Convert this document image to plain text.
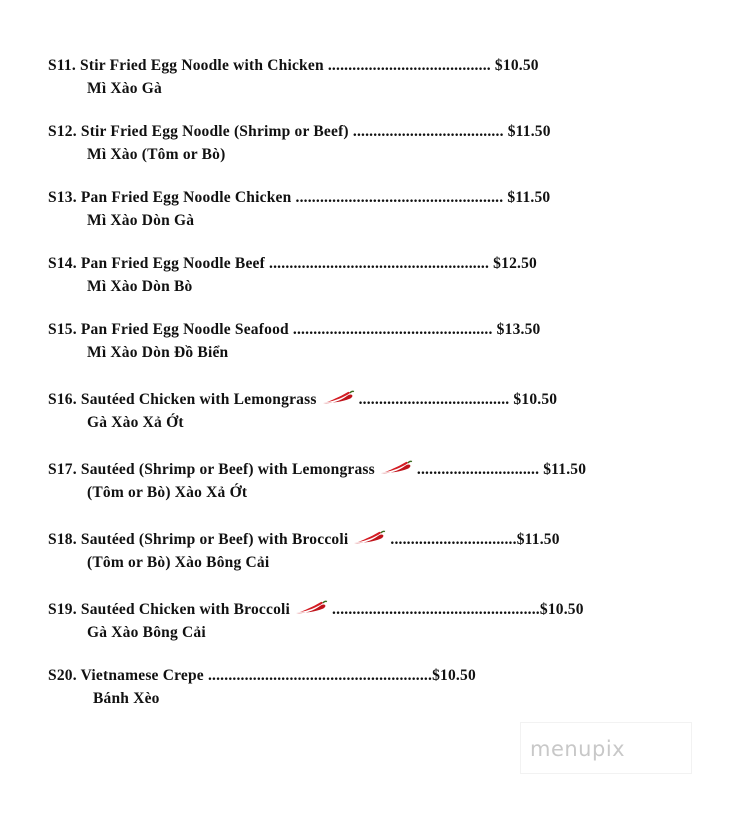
S11. Stir Fried Egg Noodle with Chicken ........................................ $10.50
Mì Xào Gà
S12. Stir Fried Egg Noodle (Shrimp or Beef) ..................................... $11.50
Mì Xào (Tôm or Bò)
S13. Pan Fried Egg Noodle Chicken ................................................... $11.50
Mì Xào Dòn Gà
S14. Pan Fried Egg Noodle Beef ...................................................... $12.50
Mì Xào Dòn Bò
S15. Pan Fried Egg Noodle Seafood ................................................. $13.50
Mì Xào Dòn Đồ Biển
S16. Sautéed Chicken with Lemongrass	..................................... $10.50
Gà Xào Xả Ớt
S17. Sautéed (Shrimp or Beef) with Lemongrass	.............................. $11.50
(Tôm or Bò) Xào Xả Ớt
S18. Sautéed (Shrimp or Beef) with Broccoli	...............................$11.50
(Tôm or Bò) Xào Bông Cải
S19. Sautéed Chicken with Broccoli	...................................................$10.50
Gà Xào Bông Cải
S20. Vietnamese Crepe .......................................................$10.50
Bánh Xèo
menupix
